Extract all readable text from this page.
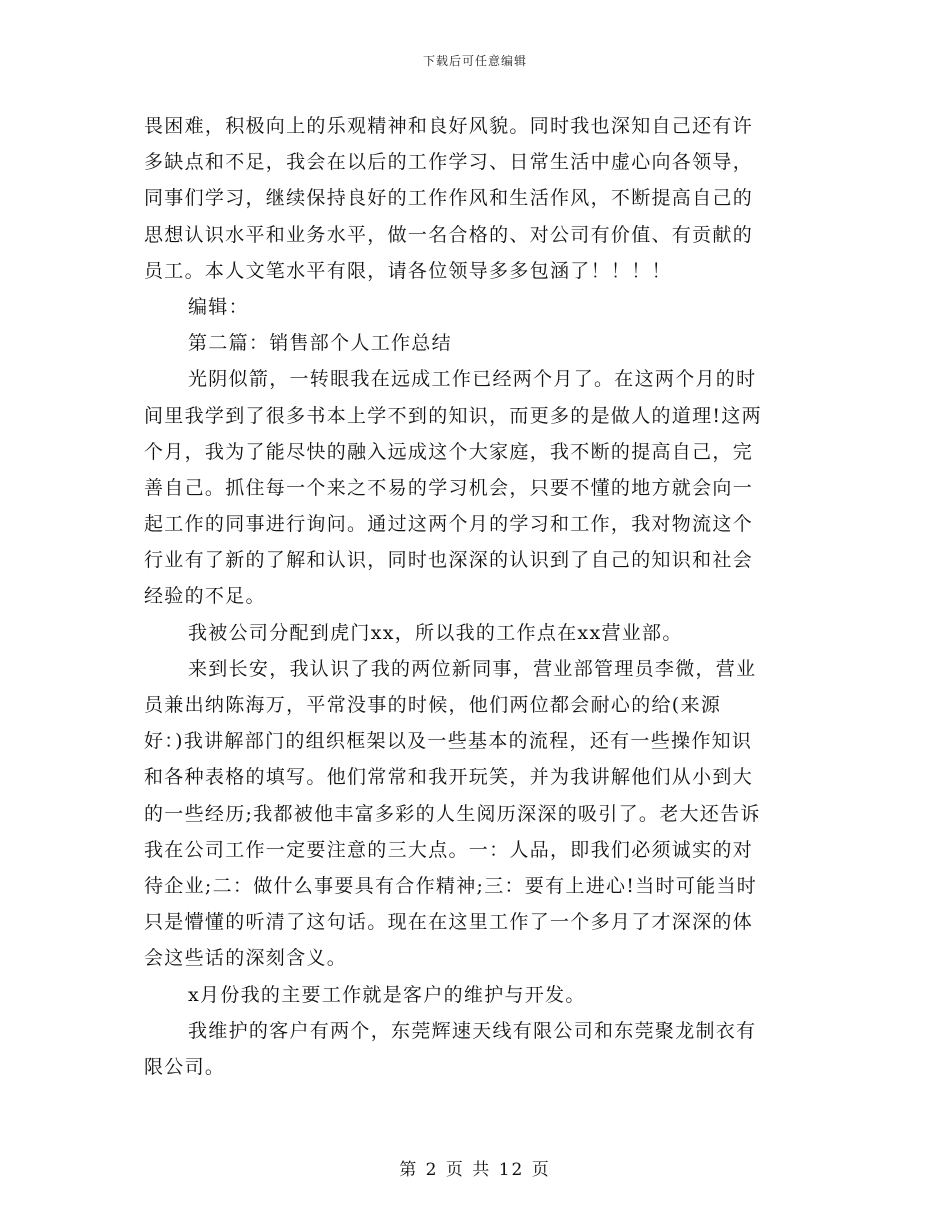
下载后可任意编辑
畏困难，积极向上的乐观精神和良好风貌。同时我也深知自己还有许
多缺点和不足，我会在以后的工作学习、日常生活中虚心向各领导，
同事们学习，继续保持良好的工作作风和生活作风，不断提高自己的
思想认识水平和业务水平，做一名合格的、对公司有价值、有贡献的
员工。本人文笔水平有限，请各位领导多多包涵了！！！！
编辑：
第二篇：销售部个人工作总结
光阴似箭，一转眼我在远成工作已经两个月了。在这两个月的时
间里我学到了很多书本上学不到的知识，而更多的是做人的道理!这两
个月，我为了能尽快的融入远成这个大家庭，我不断的提高自己，完
善自己。抓住每一个来之不易的学习机会，只要不懂的地方就会向一
起工作的同事进行询问。通过这两个月的学习和工作，我对物流这个
行业有了新的了解和认识，同时也深深的认识到了自己的知识和社会
经验的不足。
我被公司分配到虎门xx，所以我的工作点在xx营业部。
来到长安，我认识了我的两位新同事，营业部管理员李微，营业
员兼出纳陈海万，平常没事的时候，他们两位都会耐心的给(来源
好：)我讲解部门的组织框架以及一些基本的流程，还有一些操作知识
和各种表格的填写。他们常常和我开玩笑，并为我讲解他们从小到大
的一些经历;我都被他丰富多彩的人生阅历深深的吸引了。老大还告诉
我在公司工作一定要注意的三大点。一：人品，即我们必须诚实的对
待企业;二：做什么事要具有合作精神;三：要有上进心!当时可能当时
只是懵懂的听清了这句话。现在在这里工作了一个多月了才深深的体
会这些话的深刻含义。
x月份我的主要工作就是客户的维护与开发。
我维护的客户有两个，东莞辉速天线有限公司和东莞聚龙制衣有
限公司。
第 2 页 共 12 页
